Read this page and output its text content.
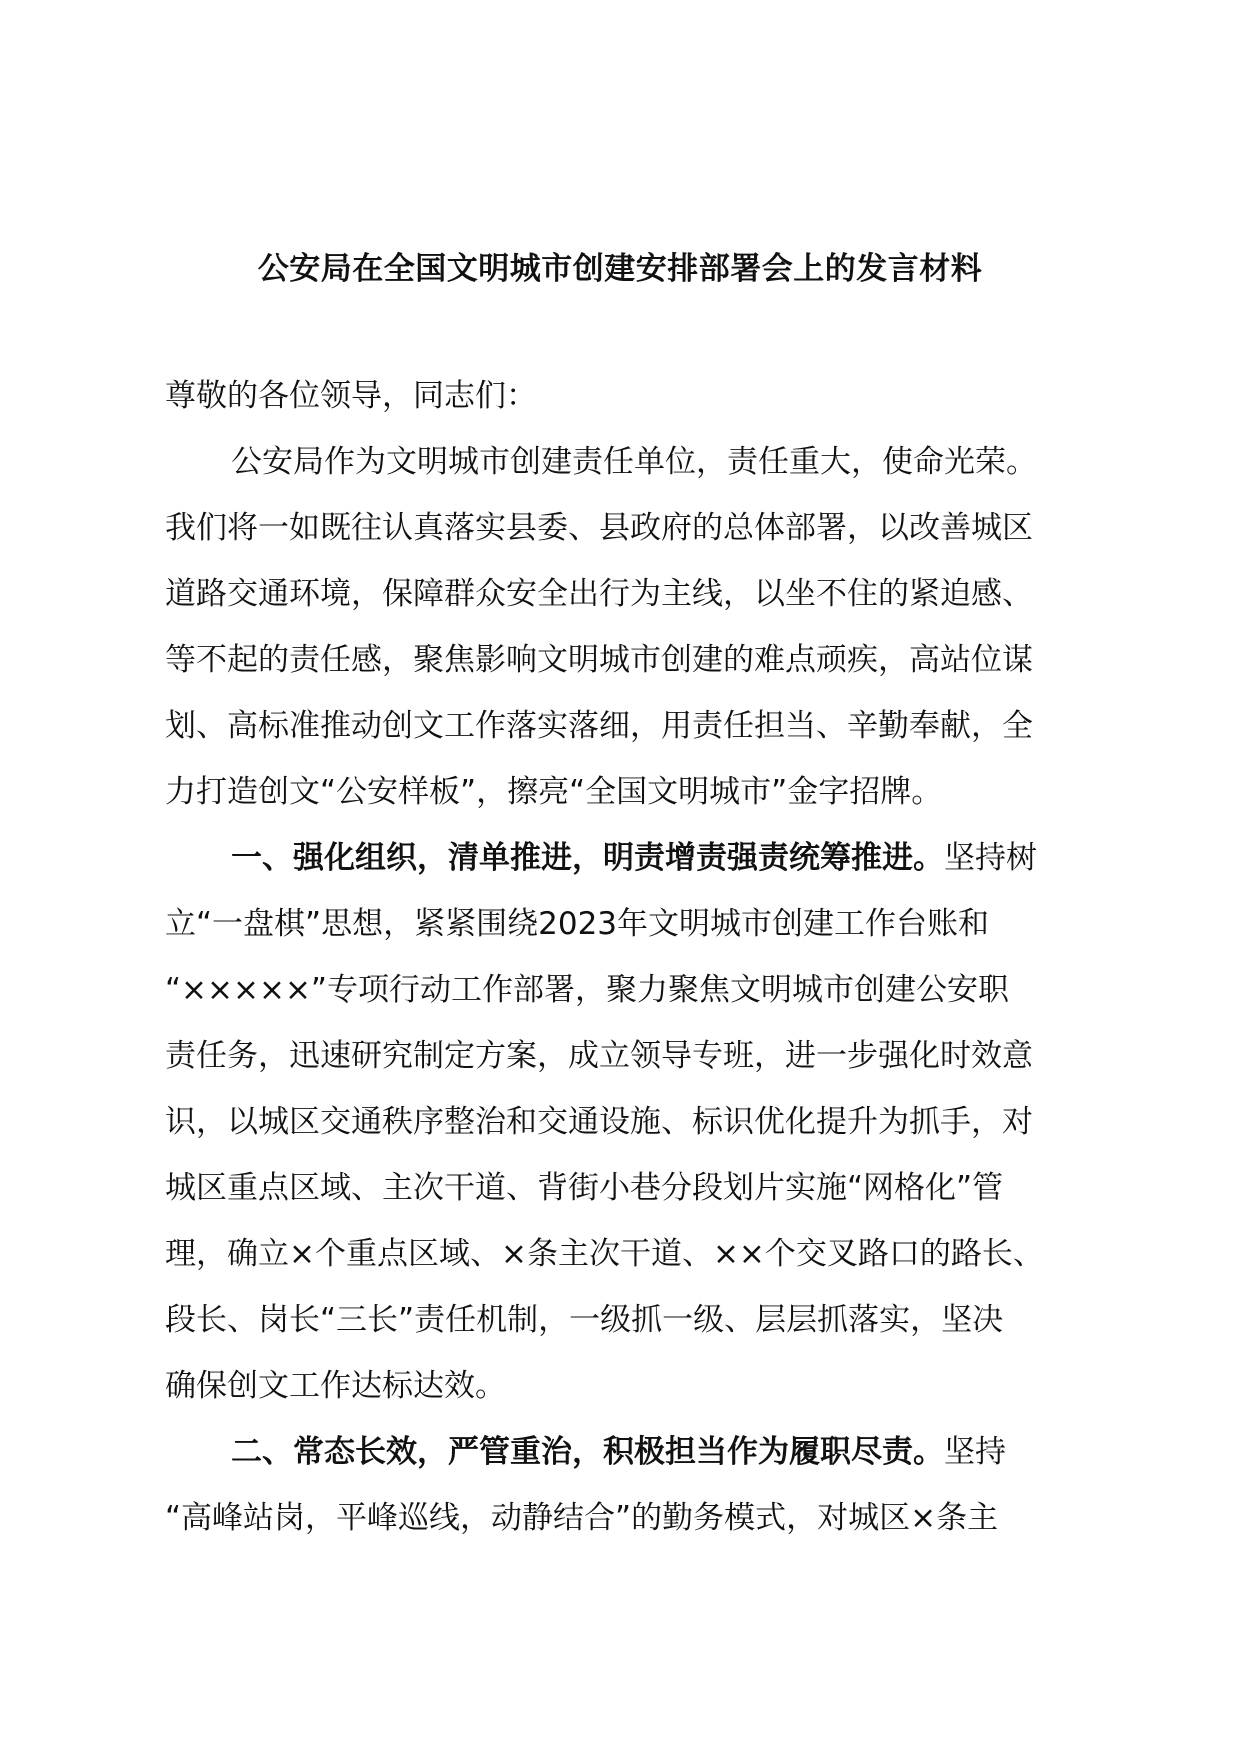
公安局在全国文明城市创建安排部署会上的发言材料
尊敬的各位领导，同志们：
公安局作为文明城市创建责任单位，责任重大，使命光荣。
我们将一如既往认真落实县委、县政府的总体部署，以改善城区
道路交通环境，保障群众安全出行为主线，以坐不住的紧迫感、
等不起的责任感，聚焦影响文明城市创建的难点顽疾，高站位谋
划、高标准推动创文工作落实落细，用责任担当、辛勤奉献，全
力打造创文“公安样板”，擦亮“全国文明城市”金字招牌。
一、强化组织，清单推进，明责增责强责统筹推进。坚持树
立“一盘棋”思想，紧紧围绕2023年文明城市创建工作台账和
“×××××”专项行动工作部署，聚力聚焦文明城市创建公安职
责任务，迅速研究制定方案，成立领导专班，进一步强化时效意
识，以城区交通秩序整治和交通设施、标识优化提升为抓手，对
城区重点区域、主次干道、背街小巷分段划片实施“网格化”管
理，确立×个重点区域、×条主次干道、××个交叉路口的路长、
段长、岗长“三长”责任机制，一级抓一级、层层抓落实，坚决
确保创文工作达标达效。
二、常态长效，严管重治，积极担当作为履职尽责。坚持
“高峰站岗，平峰巡线，动静结合”的勤务模式，对城区×条主
